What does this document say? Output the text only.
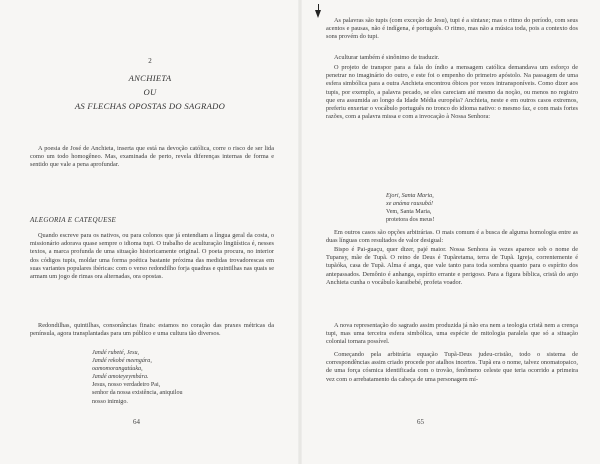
2
ANCHIETA
OU
AS FLECHAS OPOSTAS DO SAGRADO

A poesia de José de Anchieta, inserta que está na devoção católica, corre o risco de ser lida como um todo homogêneo. Mas, examinada de perto, revela diferenças internas de forma e sentido que vale a pena aprofundar.

ALEGORIA E CATEQUESE

Quando escreve para os nativos, ou para colonos que já entendiam a língua geral da costa, o missionário adorava quase sempre o idioma tupi. O trabalho de aculturação lingüística é, nesses textos, a marca profunda de uma situação historicamente original. O poeta procura, no interior dos códigos tupis, moldar uma forma poética bastante próxima das medidas trovadorescas em suas variantes populares ibéricas: com o verso redondilho forja quadras e quintilhas nas quais se armam um jogo de rimas ora alternadas, ora opostas.

Redondilhas, quintilhas, consonâncias finais: estamos no coração das praxes métricas da península, agora transplantadas para um público e uma cultura tão diversos.

Jandé rubeté, Jesu,
Jandé rekobé meengára,
oamomorangatúuka,
Jandé amoteyeymbára.
Jesus, nosso verdadeiro Pai,
senhor da nossa existência, aniquilou
nosso inimigo.
64

As palavras são tupis (com exceção de Jesu), tupi é a sintaxe; mas o ritmo do período, com seus acentos e pausas, não é indígena, é português. O ritmo, mas não a música toda, pois a contexto dos sons provém do tupi.

Aculturar também é sinônimo de traduzir.

O projeto de transpor para a fala do índio a mensagem católica demandava um esforço de penetrar no imaginário do outro, e este foi o empenho do primeiro apóstolo. Na passagem de uma esfera simbólica para a outra Anchieta encontrou óbices por vezes intransponíveis. Como dizer aos tupis, por exemplo, a palavra pecado, se eles careciam até mesmo da noção, ou menos no registro que era assumida ao longo da Idade Média européia? Anchieta, neste e em outros casos extremos, preferiu enxertar o vocábulo português no tronco do idioma nativo: o mesmo faz, e com mais fortes razões, com a palavra missa e com a invocação à Nossa Senhora:

Ejori, Santa Maria,
xe anáma rausubá!
Vem, Santa Maria,
protetora dos meus!

Em outros casos são opções arbitrárias. O mais comum é a busca de alguma homologia entre as duas línguas com resultados de valor desigual:

Bispo é Pai-guaçu, quer dizer, pajé maior. Nossa Senhora às vezes aparece sob o nome de Tupansy, mãe de Tupã. O reino de Deus é Tupãretama, terra de Tupã. Igreja, correntemente é tupãóka, casa de Tupã. Alma é anga, que vale tanto para toda sombra quanto para o espírito dos antepassados. Demônio é anhanga, espírito errante e perigoso. Para a figura bíblica, cristã do anjo Anchieta cunha o vocábulo karaibebé, profeta voador.

A nova representação do sagrado assim produzida já não era nem a teologia cristã nem a crença tupi, mas uma terceira esfera simbólica, uma espécie de mitologia paralela que só a situação colonial tornara possível.

Começando pela arbitrária equação Tupã-Deus judeu-cristão, todo o sistema de correspondências assim criado procede por atalhos incertos. Tupã era o nome, talvez onomatopaico, de uma força cósmica identificada com o trovão, fenômeno celeste que teria ocorrido a primeira vez com o arrebatamento da cabeça de uma personagem mí-

65
